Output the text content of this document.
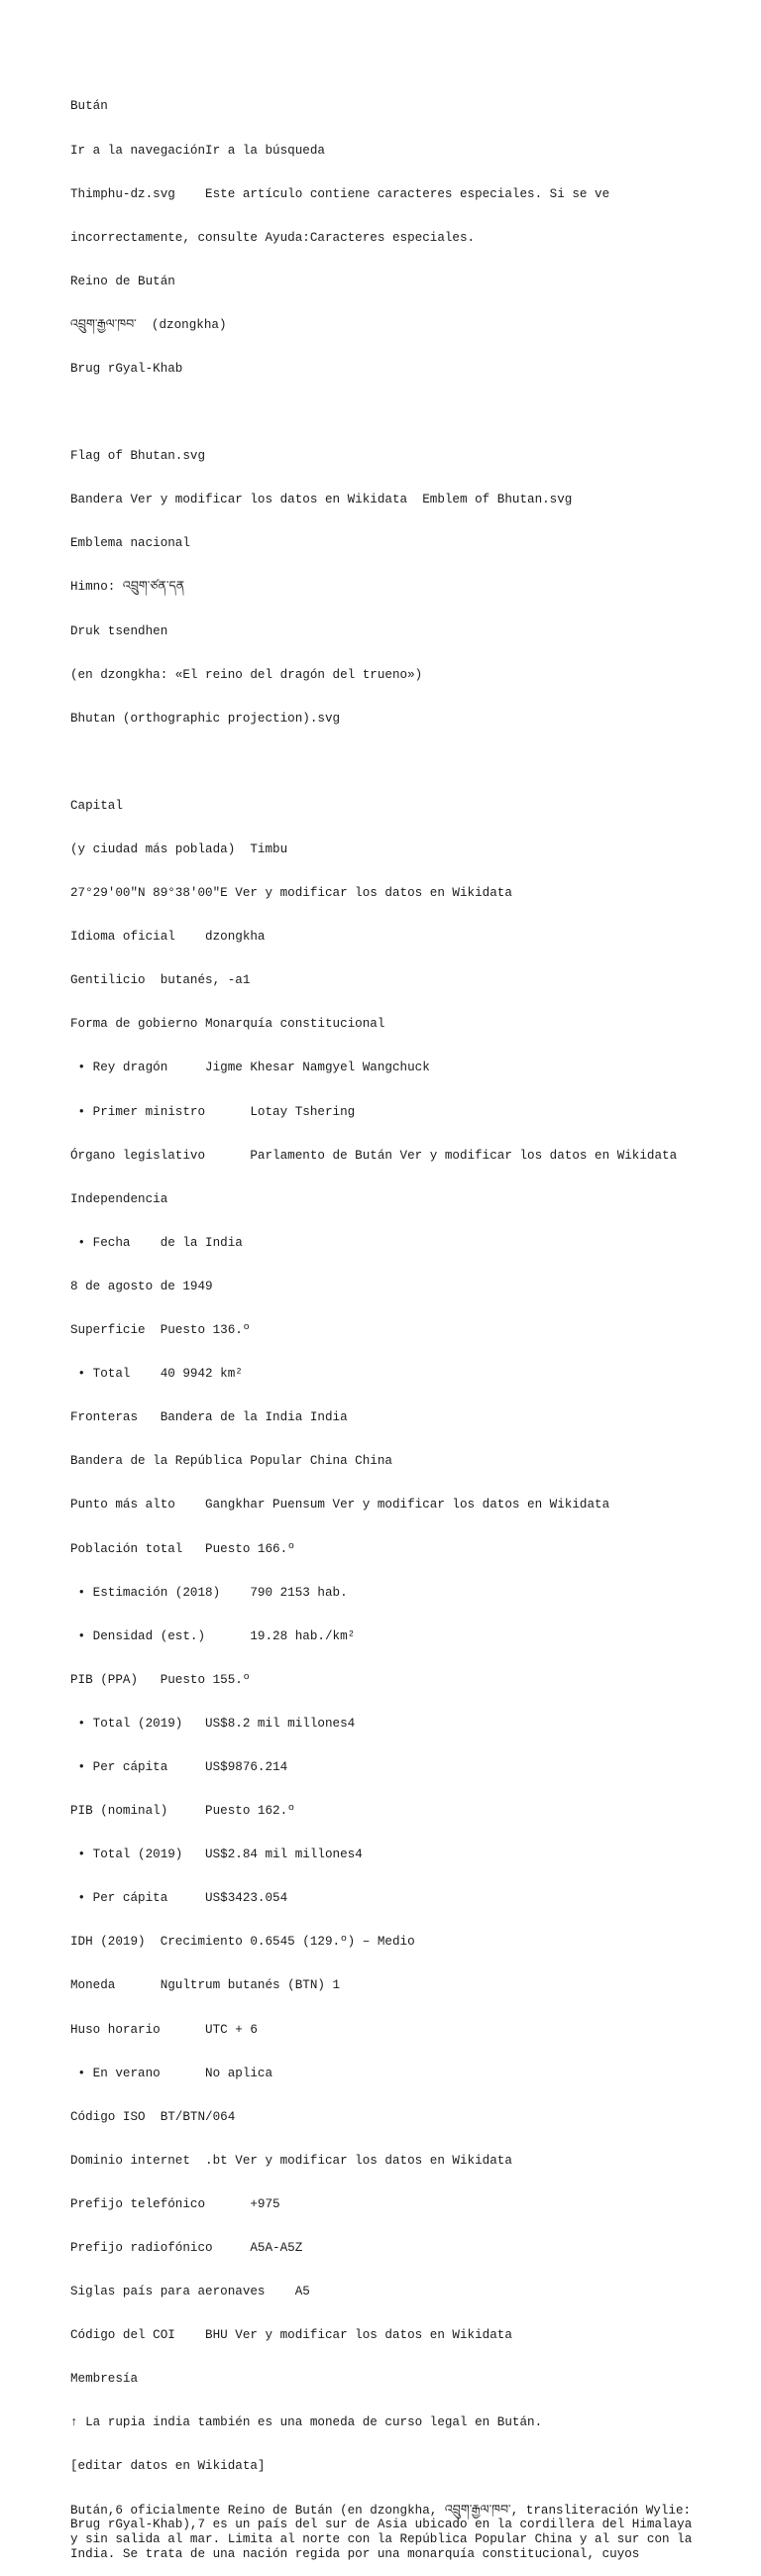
Bután

Ir a la navegaciónIr a la búsqueda

Thimphu-dz.svg    Este artículo contiene caracteres especiales. Si se ve

incorrectamente, consulte Ayuda:Caracteres especiales.

Reino de Bután

འབྲུག་རྒྱལ་ཁབ་  (dzongkha)

Brug rGyal-Khab

Flag of Bhutan.svg

Bandera Ver y modificar los datos en Wikidata  Emblem of Bhutan.svg

Emblema nacional

Himno: འབྲུག་ཙན་དན

Druk tsendhen

(en dzongkha: «El reino del dragón del trueno»)

Bhutan (orthographic projection).svg

Capital

(y ciudad más poblada)  Timbu

27°29'00"N 89°38'00"E Ver y modificar los datos en Wikidata

Idioma oficial    dzongkha

Gentilicio  butanés, -a1

Forma de gobierno Monarquía constitucional

• Rey dragón     Jigme Khesar Namgyel Wangchuck

• Primer ministro      Lotay Tshering

Órgano legislativo      Parlamento de Bután Ver y modificar los datos en Wikidata

Independencia

• Fecha    de la India

8 de agosto de 1949

Superficie  Puesto 136.º

• Total    40 9942 km²

Fronteras   Bandera de la India India

Bandera de la República Popular China China

Punto más alto    Gangkhar Puensum Ver y modificar los datos en Wikidata

Población total   Puesto 166.º

• Estimación (2018)    790 2153 hab.

• Densidad (est.)      19.28 hab./km²

PIB (PPA)   Puesto 155.º

• Total (2019)   US$8.2 mil millones4

• Per cápita     US$9876.214

PIB (nominal)     Puesto 162.º

• Total (2019)   US$2.84 mil millones4

• Per cápita     US$3423.054

IDH (2019)  Crecimiento 0.6545 (129.º) – Medio

Moneda      Ngultrum butanés (BTN) 1

Huso horario      UTC + 6

• En verano      No aplica

Código ISO  BT/BTN/064

Dominio internet  .bt Ver y modificar los datos en Wikidata

Prefijo telefónico      +975

Prefijo radiofónico     A5A-A5Z

Siglas país para aeronaves    A5

Código del COI    BHU Ver y modificar los datos en Wikidata

Membresía

↑ La rupia india también es una moneda de curso legal en Bután.

[editar datos en Wikidata]

Bután,6 oficialmente Reino de Bután (en dzongkha, འབྲུག་རྒྱལ་ཁབ་, transliteración Wylie: Brug rGyal-Khab),7 es un país del sur de Asia ubicado en la cordillera del Himalaya y sin salida al mar. Limita al norte con la República Popular China y al sur con la India. Se trata de una nación regida por una monarquía constitucional, cuyos
